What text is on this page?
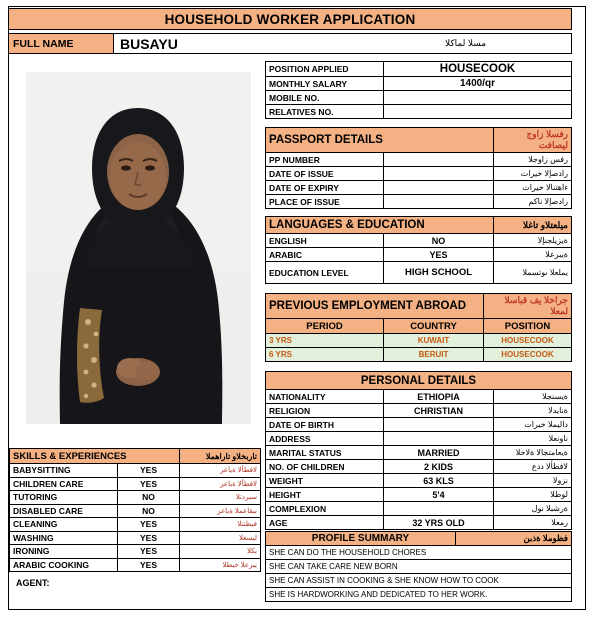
HOUSEHOLD WORKER APPLICATION
FULL NAME	BUSAYU	مسلا لماكلا
POSITION APPLIED	HOUSECOOK
MONTHLY SALARY	1400/qr
MOBILE NO.	
RELATIVES NO.	
PASSPORT DETAILS		رفسلا زاوج لیصافت
PP NUMBER		رفس زاوجلا
DATE OF ISSUE		رادصإلا خيرات
DATE OF EXPIRY		ءاهتنالا خيرات
PLACE OF ISSUE		رادصإلا ناكم
LANGUAGES & EDUCATION		میلعتلاو تاغلا
ENGLISH	NO	ةيزیلجنإلا
ARABIC	YES	ةيبرعلا
EDUCATION LEVEL	HIGH SCHOOL	يملعلا ىوتسملا
PREVIOUS EMPLOYMENT ABROAD		جراخلا يف قباسلا لمعلا
PERIOD	COUNTRY	POSITION
3 YRS	KUWAIT	HOUSECOOK
6 YRS	BERUIT	HOUSECOOK
PERSONAL DETAILS		
NATIONALITY	ETHIOPIA	ةيسنجلا
RELIGION	CHRISTIAN	ةنايدلا
DATE OF BIRTH		داليملا خيرات
ADDRESS		ناونعلا
MARITAL STATUS	MARRIED	ةيعامتجالا ةلاحلا
NO. OF CHILDREN	2 KIDS	لافطألا ددع
WEIGHT	63 KLS	نزولا
HEIGHT	5'4	لوطلا
COMPLEXION		ةرشبلا نول
AGE	32 YRS OLD	رمعلا
PROFILE SUMMARY	فظوملا ةذبن
SHE CAN DO THE HOUSEHOLD CHORES
SHE CAN TAKE CARE NEW BORN
SHE CAN ASSIST IN COOKING & SHE KNOW HOW TO COOK
SHE IS HARDWORKING AND DEDICATED TO HER WORK.
SKILLS & EXPERIENCES		تاربخلاو تاراهملا
BABYSITTING	YES	لافطألا ةياعر
CHILDREN CARE	YES	لافطألا ةياعر
TUTORING	NO	سيردتلا
DISABLED CARE	NO	نيقاعملا ةياعر
CLEANING	YES	فيظنتلا
WASHING	YES	ليسغلا
IRONING	YES	يكلا
ARABIC COOKING	YES	يبرعلا خبطلا
AGENT:
